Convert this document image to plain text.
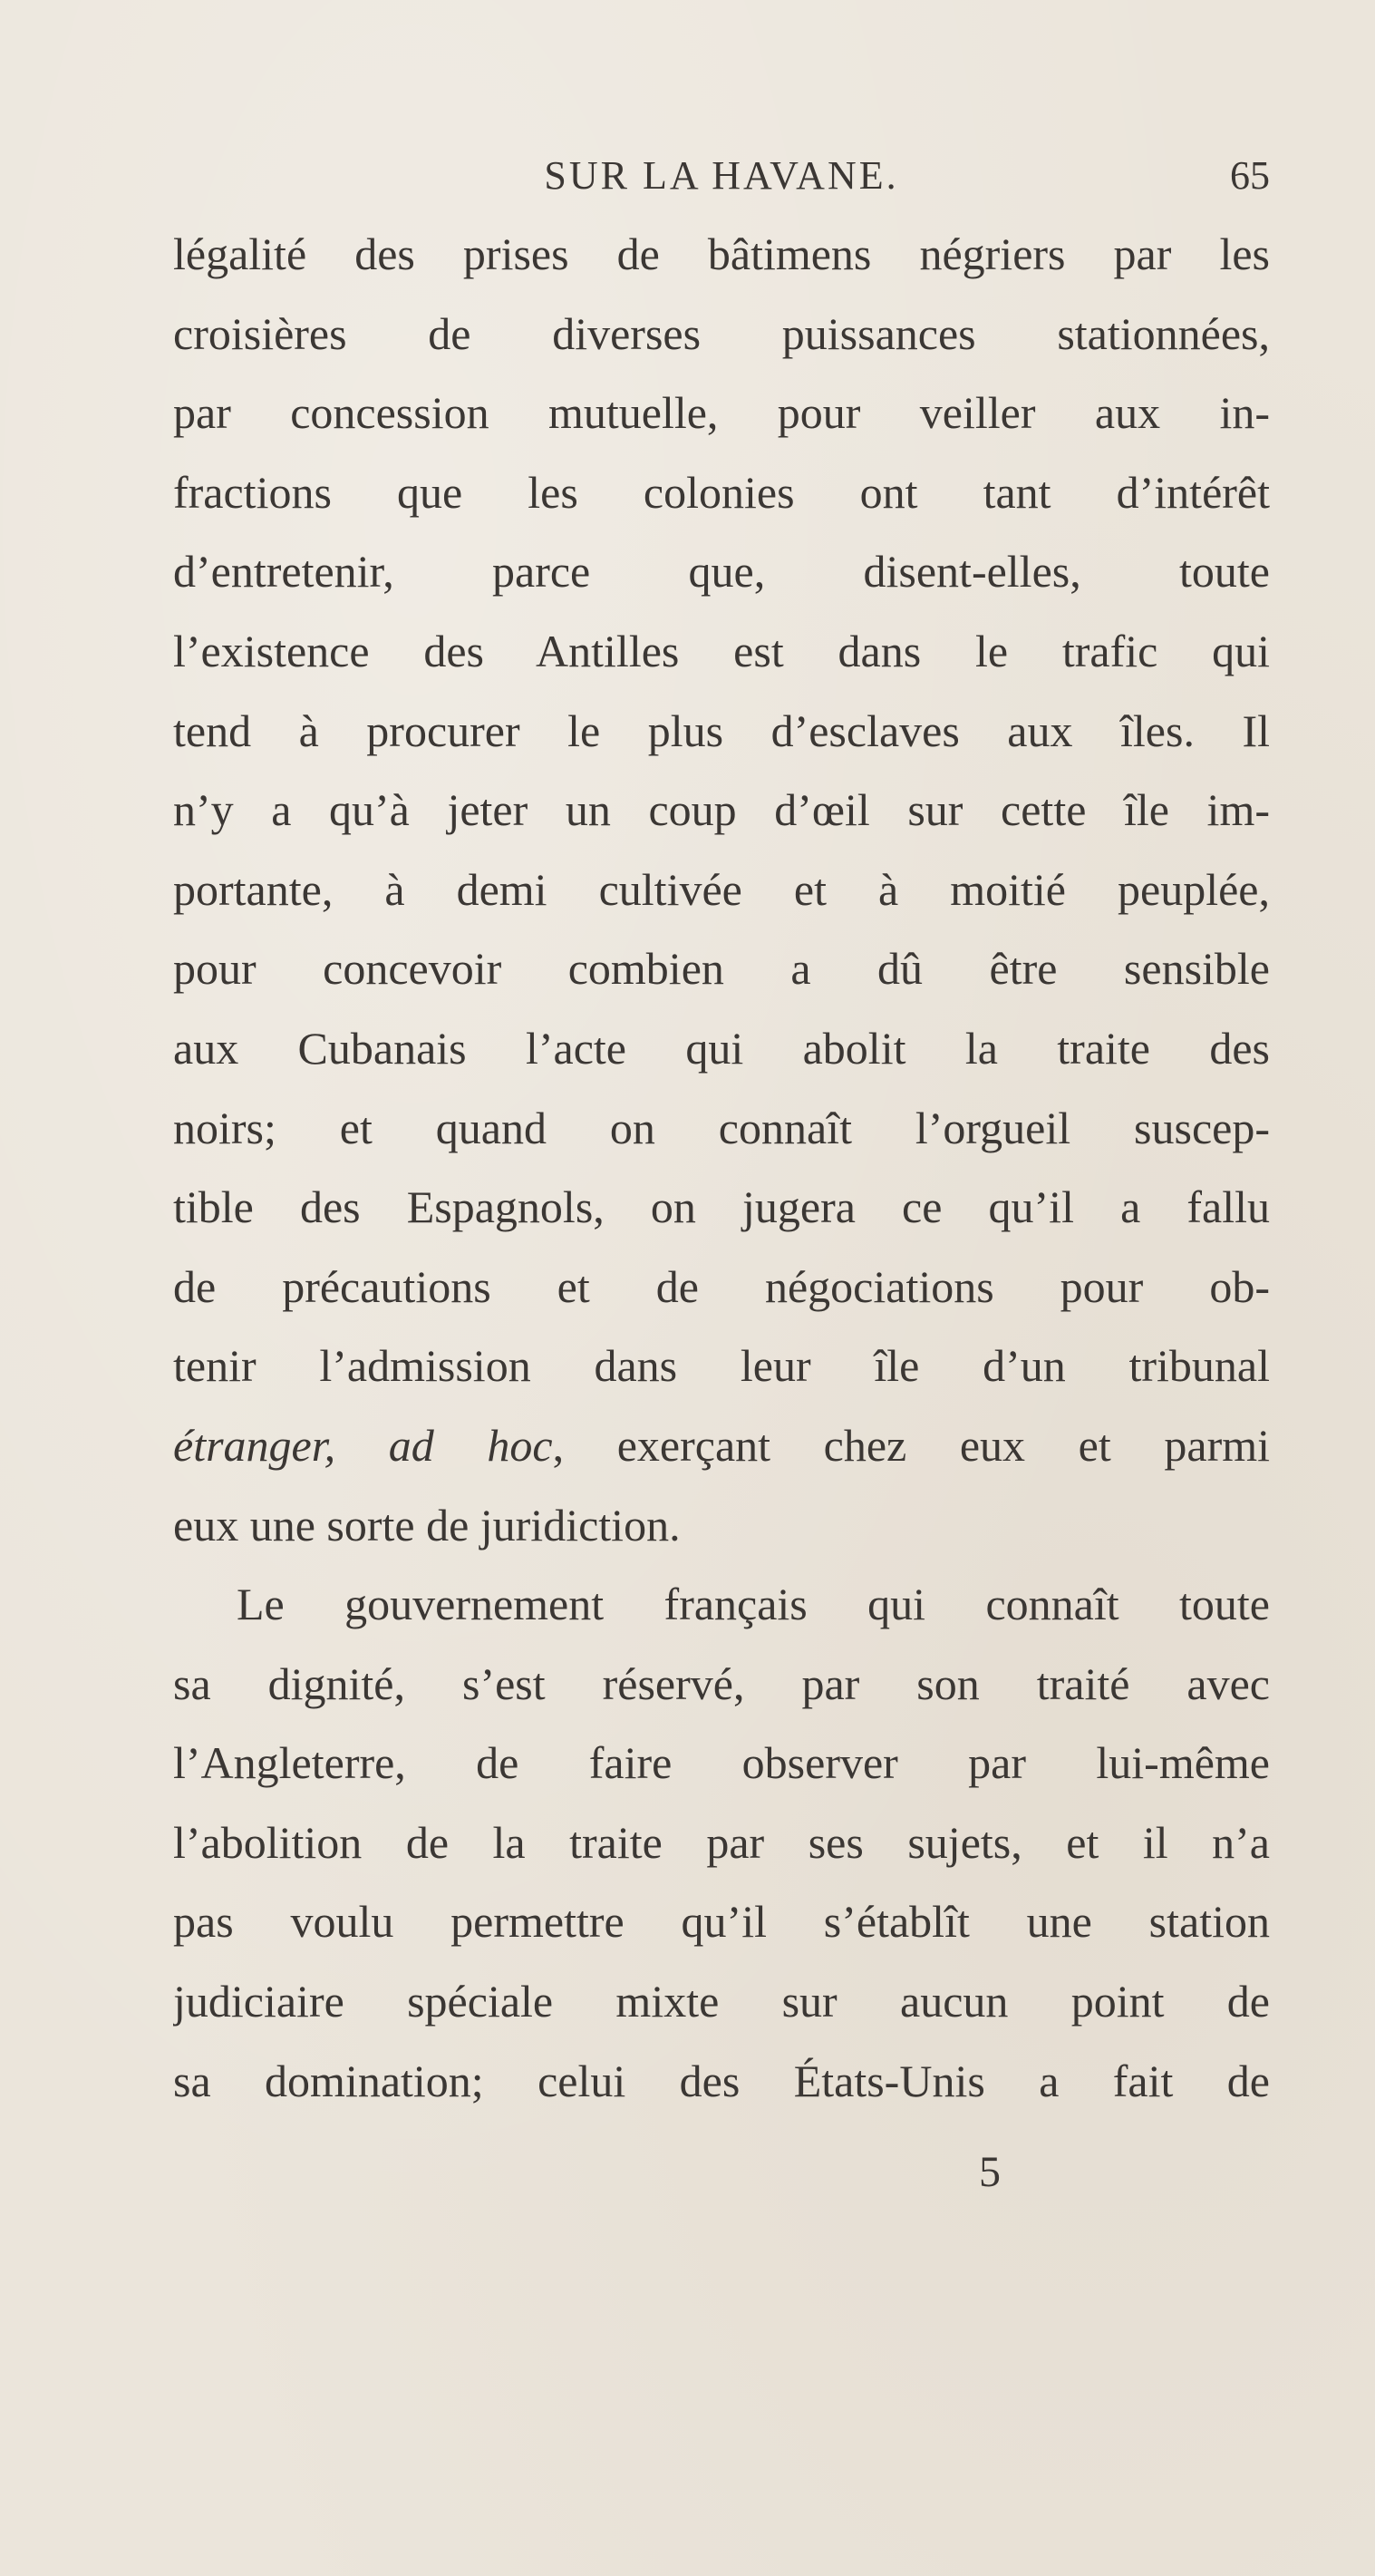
SUR LA HAVANE.	65
légalité des prises de bâtimens négriers par les
croisières de diverses puissances stationnées,
par concession mutuelle, pour veiller aux in-
fractions que les colonies ont tant d’intérêt
d’entretenir, parce que, disent-elles, toute
l’existence des Antilles est dans le trafic qui
tend à procurer le plus d’esclaves aux îles. Il
n’y a qu’à jeter un coup d’œil sur cette île im-
portante, à demi cultivée et à moitié peuplée,
pour concevoir combien a dû être sensible
aux Cubanais l’acte qui abolit la traite des
noirs; et quand on connaît l’orgueil suscep-
tible des Espagnols, on jugera ce qu’il a fallu
de précautions et de négociations pour ob-
tenir l’admission dans leur île d’un tribunal
étranger, ad hoc, exerçant chez eux et parmi
eux une sorte de juridiction.
Le gouvernement français qui connaît toute
sa dignité, s’est réservé, par son traité avec
l’Angleterre, de faire observer par lui-même
l’abolition de la traite par ses sujets, et il n’a
pas voulu permettre qu’il s’établît une station
judiciaire spéciale mixte sur aucun point de
sa domination; celui des États-Unis a fait de
5
